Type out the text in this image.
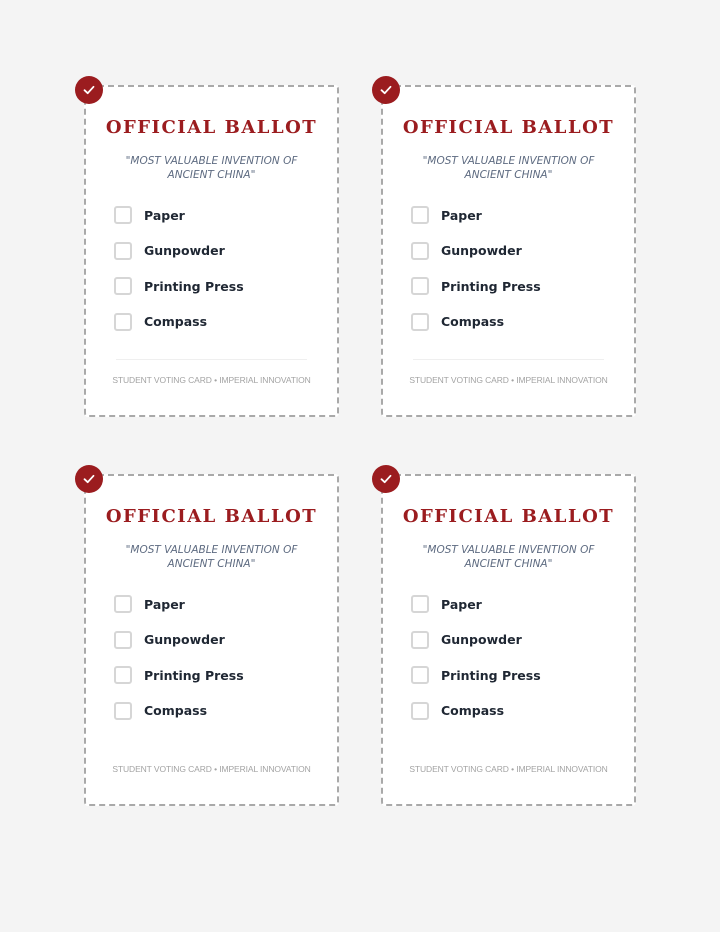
OFFICIAL BALLOT
"MOST VALUABLE INVENTION OF ANCIENT CHINA"
Paper
Gunpowder
Printing Press
Compass
STUDENT VOTING CARD • IMPERIAL INNOVATION
OFFICIAL BALLOT
"MOST VALUABLE INVENTION OF ANCIENT CHINA"
Paper
Gunpowder
Printing Press
Compass
STUDENT VOTING CARD • IMPERIAL INNOVATION
OFFICIAL BALLOT
"MOST VALUABLE INVENTION OF ANCIENT CHINA"
Paper
Gunpowder
Printing Press
Compass
STUDENT VOTING CARD • IMPERIAL INNOVATION
OFFICIAL BALLOT
"MOST VALUABLE INVENTION OF ANCIENT CHINA"
Paper
Gunpowder
Printing Press
Compass
STUDENT VOTING CARD • IMPERIAL INNOVATION
